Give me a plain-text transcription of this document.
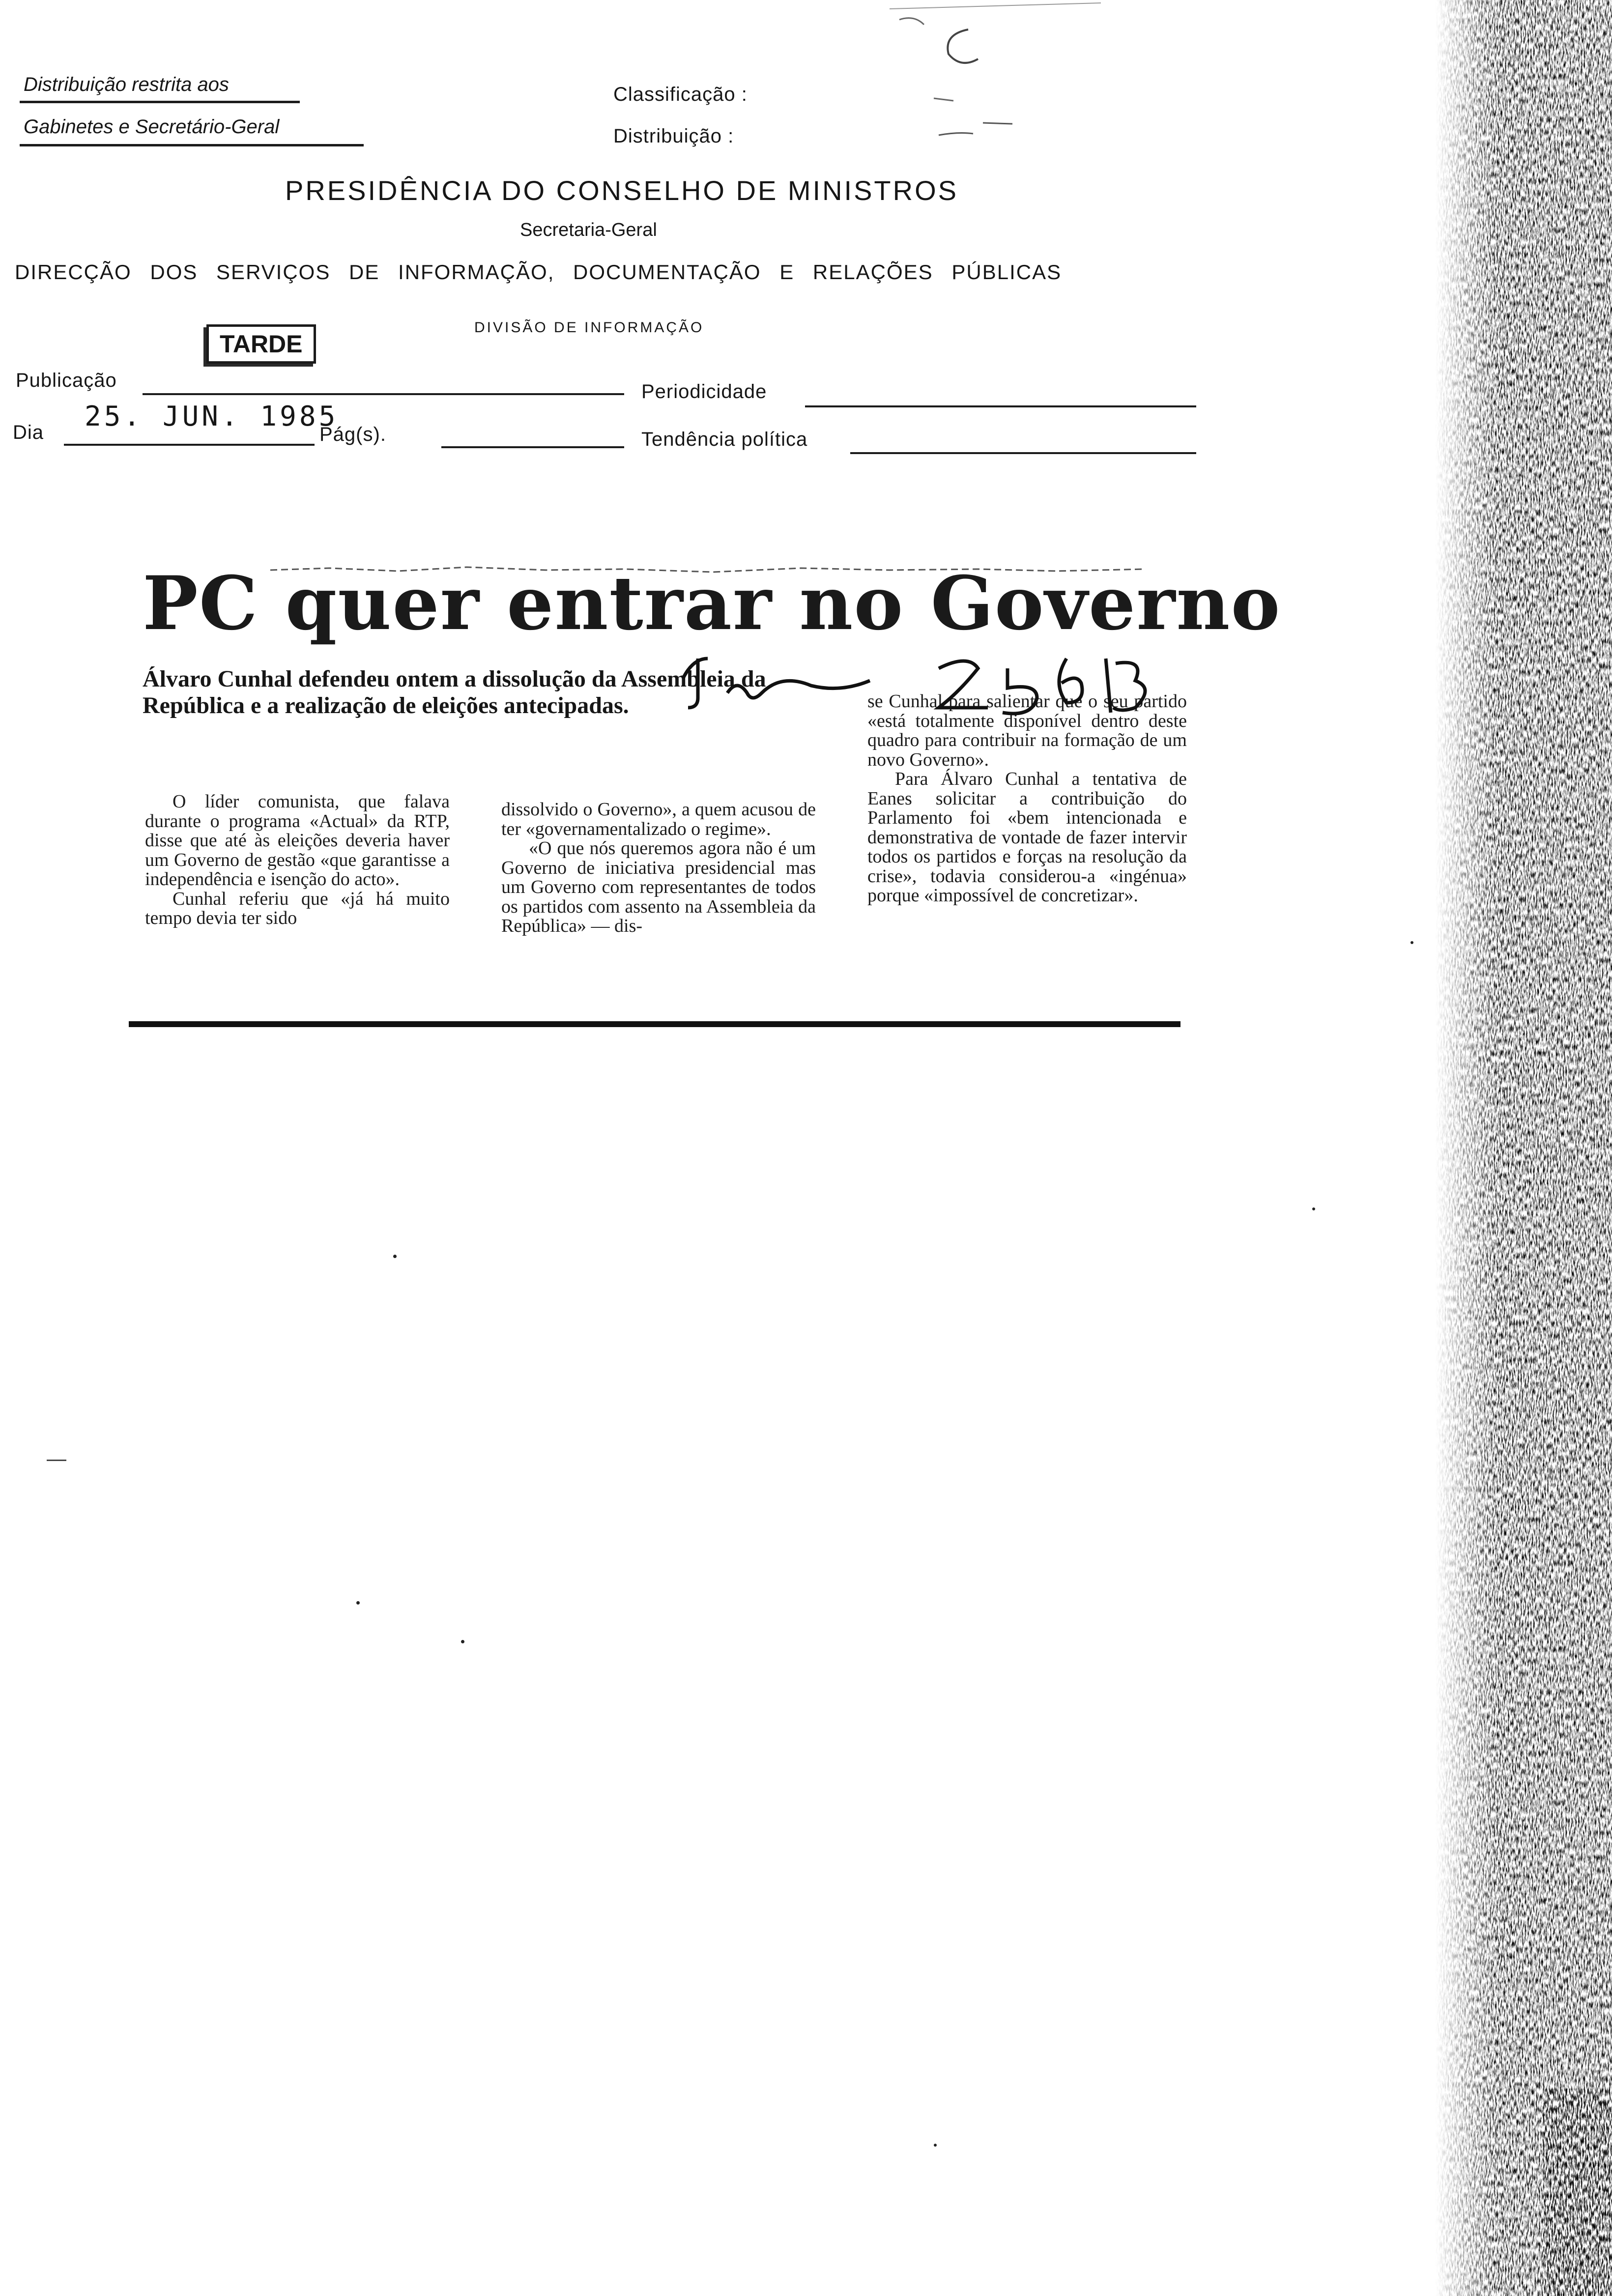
Distribuição restrita aos
Gabinetes e Secretário-Geral
Classificação :
Distribuição :
PRESIDÊNCIA DO CONSELHO DE MINISTROS
Secretaria-Geral
DIRECÇÃO DOS SERVIÇOS DE INFORMAÇÃO, DOCUMENTAÇÃO E RELAÇÕES PÚBLICAS
DIVISÃO DE INFORMAÇÃO
TARDE
Publicação
Periodicidade
Dia 25. JUN. 1985
Pág(s).	Tendência política
PC quer entrar no Governo
Álvaro Cunhal defendeu ontem a dissolução da Assembleia da República e a realização de eleições antecipadas.

O líder comunista, que falava durante o programa «Actual» da RTP, disse que até às eleições deveria haver um Governo de gestão «que garantisse a independência e isenção do acto».

Cunhal referiu que «já há muito tempo devia ter sido

dissolvido o Governo», a quem acusou de ter «governamentalizado o regime».

«O que nós queremos agora não é um Governo de iniciativa presidencial mas um Governo com representantes de todos os partidos com assento na Assembleia da República» — dis-

se Cunhal para salientar que o seu partido «está totalmente disponível dentro deste quadro para contribuir na formação de um novo Governo».

Para Álvaro Cunhal a tentativa de Eanes solicitar a contribuição do Parlamento foi «bem intencionada e demonstrativa de vontade de fazer intervir todos os partidos e forças na resolução da crise», todavia considerou-a «ingénua» porque «impossível de concretizar».
